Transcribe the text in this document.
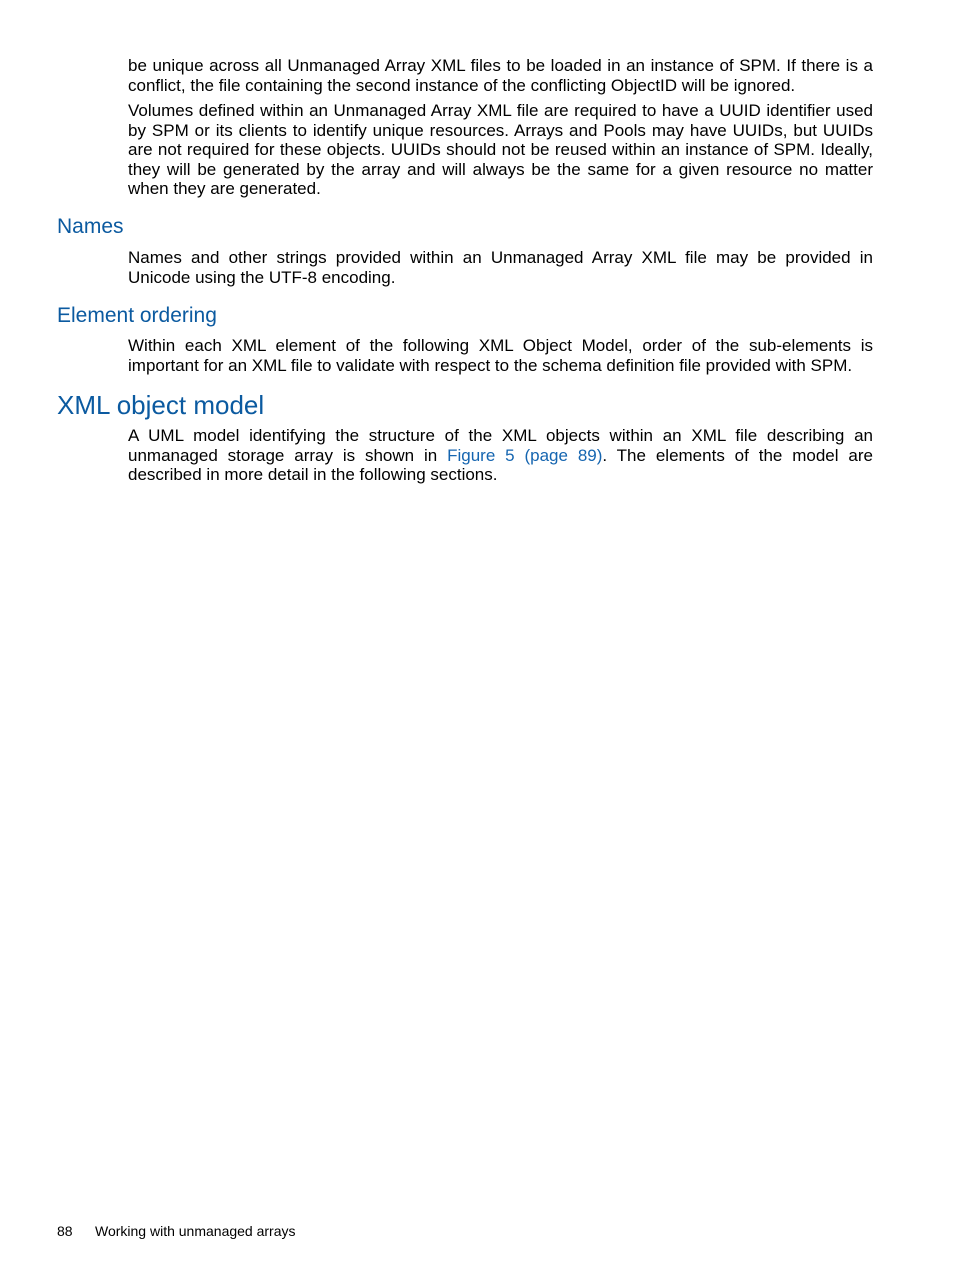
be unique across all Unmanaged Array XML files to be loaded in an instance of SPM. If there is a conflict, the file containing the second instance of the conflicting ObjectID will be ignored.

Volumes defined within an Unmanaged Array XML file are required to have a UUID identifier used by SPM or its clients to identify unique resources. Arrays and Pools may have UUIDs, but UUIDs are not required for these objects. UUIDs should not be reused within an instance of SPM. Ideally, they will be generated by the array and will always be the same for a given resource no matter when they are generated.

Names

Names and other strings provided within an Unmanaged Array XML file may be provided in Unicode using the UTF-8 encoding.

Element ordering

Within each XML element of the following XML Object Model, order of the sub-elements is important for an XML file to validate with respect to the schema definition file provided with SPM.

XML object model

A UML model identifying the structure of the XML objects within an XML file describing an unmanaged storage array is shown in Figure 5 (page 89). The elements of the model are described in more detail in the following sections.

88 Working with unmanaged arrays
